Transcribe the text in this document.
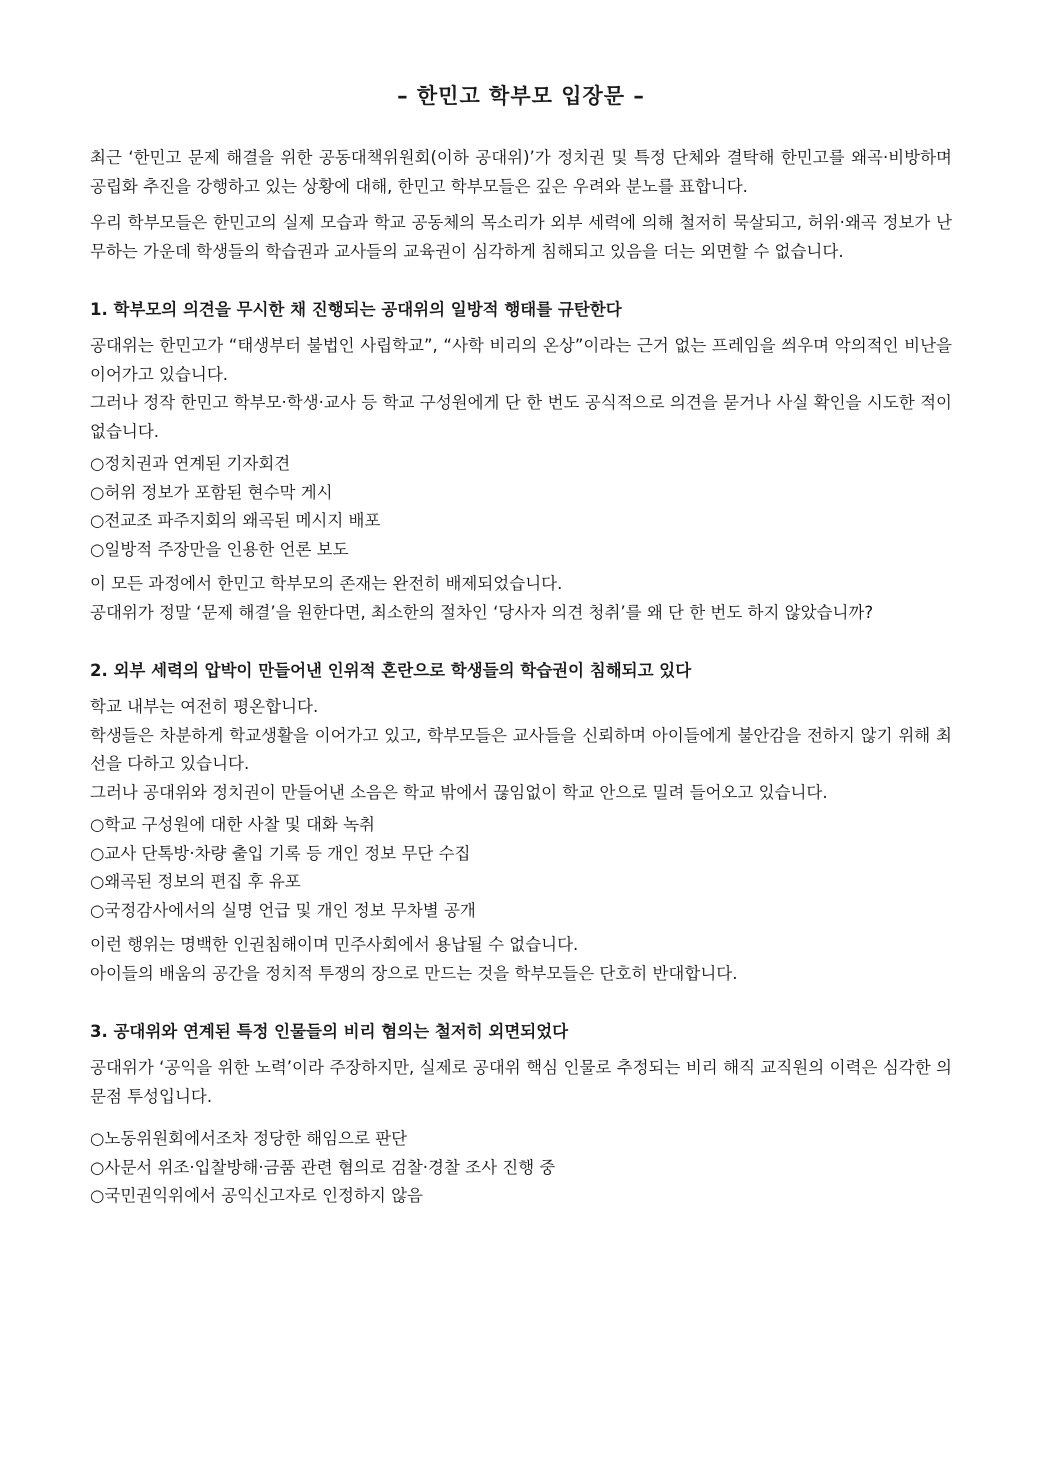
– 한민고 학부모 입장문 –

최근 ‘한민고 문제 해결을 위한 공동대책위원회(이하 공대위)’가 정치권 및 특정 단체와 결탁해 한민고를 왜곡·비방하며 공립화 추진을 강행하고 있는 상황에 대해, 한민고 학부모들은 깊은 우려와 분노를 표합니다.

우리 학부모들은 한민고의 실제 모습과 학교 공동체의 목소리가 외부 세력에 의해 철저히 묵살되고, 허위·왜곡 정보가 난무하는 가운데 학생들의 학습권과 교사들의 교육권이 심각하게 침해되고 있음을 더는 외면할 수 없습니다.

1. 학부모의 의견을 무시한 채 진행되는 공대위의 일방적 행태를 규탄한다

공대위는 한민고가 “태생부터 불법인 사립학교”, “사학 비리의 온상”이라는 근거 없는 프레임을 씌우며 악의적인 비난을 이어가고 있습니다.

그러나 정작 한민고 학부모·학생·교사 등 학교 구성원에게 단 한 번도 공식적으로 의견을 묻거나 사실 확인을 시도한 적이 없습니다.

○정치권과 연계된 기자회견
○허위 정보가 포함된 현수막 게시
○전교조 파주지회의 왜곡된 메시지 배포
○일방적 주장만을 인용한 언론 보도

이 모든 과정에서 한민고 학부모의 존재는 완전히 배제되었습니다.

공대위가 정말 ‘문제 해결’을 원한다면, 최소한의 절차인 ‘당사자 의견 청취’를 왜 단 한 번도 하지 않았습니까?

2. 외부 세력의 압박이 만들어낸 인위적 혼란으로 학생들의 학습권이 침해되고 있다

학교 내부는 여전히 평온합니다.

학생들은 차분하게 학교생활을 이어가고 있고, 학부모들은 교사들을 신뢰하며 아이들에게 불안감을 전하지 않기 위해 최선을 다하고 있습니다.

그러나 공대위와 정치권이 만들어낸 소음은 학교 밖에서 끊임없이 학교 안으로 밀려 들어오고 있습니다.

○학교 구성원에 대한 사찰 및 대화 녹취
○교사 단톡방·차량 출입 기록 등 개인 정보 무단 수집
○왜곡된 정보의 편집 후 유포
○국정감사에서의 실명 언급 및 개인 정보 무차별 공개

이런 행위는 명백한 인권침해이며 민주사회에서 용납될 수 없습니다.

아이들의 배움의 공간을 정치적 투쟁의 장으로 만드는 것을 학부모들은 단호히 반대합니다.

3. 공대위와 연계된 특정 인물들의 비리 혐의는 철저히 외면되었다

공대위가 ‘공익을 위한 노력’이라 주장하지만, 실제로 공대위 핵심 인물로 추정되는 비리 해직 교직원의 이력은 심각한 의문점 투성입니다.

○노동위원회에서조차 정당한 해임으로 판단
○사문서 위조·입찰방해·금품 관련 혐의로 검찰·경찰 조사 진행 중
○국민권익위에서 공익신고자로 인정하지 않음
